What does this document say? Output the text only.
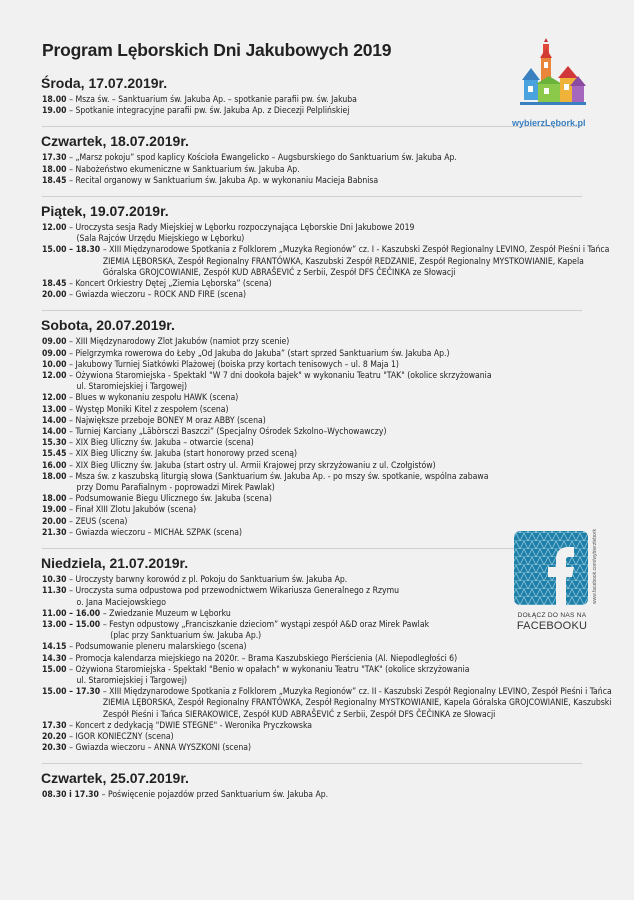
Program Lęborskich Dni Jakubowych 2019
Środa, 17.07.2019r.
18.00 – Msza św. – Sanktuarium św. Jakuba Ap. – spotkanie parafii pw. św. Jakuba
19.00 – Spotkanie integracyjne parafii pw. św. Jakuba Ap. z Diecezji Pelplińskiej
Czwartek, 18.07.2019r.
17.30 – „Marsz pokoju” spod kaplicy Kościoła Ewangelicko – Augsburskiego do Sanktuarium św. Jakuba Ap.
18.00 – Nabożeństwo ekumeniczne w Sanktuarium św. Jakuba Ap.
18.45 – Recital organowy w Sanktuarium św. Jakuba Ap. w wykonaniu Macieja Babnisa
Piątek, 19.07.2019r.
12.00 – Uroczysta sesja Rady Miejskiej w Lęborku rozpoczynająca Lęborskie Dni Jakubowe 2019
(Sala Rajców Urzędu Miejskiego w Lęborku)
15.00 – 18.30 – XIII Międzynarodowe Spotkania z Folklorem „Muzyka Regionów” cz. I - Kaszubski Zespół Regionalny LEVINO, Zespół Pieśni i Tańca ZIEMIA LĘBORSKA, Zespół Regionalny FRANTÓWKA, Kaszubski Zespół REDZANIE, Zespół Regionalny MYSTKOWIANIE, Kapela Góralska GROJCOWIANIE, Zespół KUD ABRAŠEVIĆ z Serbii, Zespół DFS ČEČINKA ze Słowacji
18.45 – Koncert Orkiestry Dętej „Ziemia Lęborska” (scena)
20.00 – Gwiazda wieczoru – ROCK AND FIRE (scena)
Sobota, 20.07.2019r.
09.00 – XIII Międzynarodowy Zlot Jakubów (namiot przy scenie)
09.00 – Pielgrzymka rowerowa do Łeby „Od Jakuba do Jakuba” (start sprzed Sanktuarium św. Jakuba Ap.)
10.00 – Jakubowy Turniej Siatkówki Plażowej (boiska przy kortach tenisowych – ul. 8 Maja 1)
12.00 – Ożywiona Staromiejska - Spektakl "W 7 dni dookoła bajek" w wykonaniu Teatru "TAK" (okolice skrzyżowania
ul. Staromiejskiej i Targowej)
12.00 – Blues w wykonaniu zespołu HAWK (scena)
13.00 – Występ Moniki Kitel z zespołem (scena)
14.00 – Największe przeboje BONEY M oraz ABBY (scena)
14.00 – Turniej Karciany „Lãbòrsczi Baszczi” (Specjalny Ośrodek Szkolno–Wychowawczy)
15.30 – XIX Bieg Uliczny św. Jakuba – otwarcie (scena)
15.45 – XIX Bieg Uliczny św. Jakuba (start honorowy przed sceną)
16.00 – XIX Bieg Uliczny św. Jakuba (start ostry ul. Armii Krajowej przy skrzyżowaniu z ul. Czołgistów)
18.00 – Msza św. z kaszubską liturgią słowa (Sanktuarium św. Jakuba Ap. - po mszy św. spotkanie, wspólna zabawa
przy Domu Parafialnym - poprowadzi Mirek Pawlak)
18.00 – Podsumowanie Biegu Ulicznego św. Jakuba (scena)
19.00 – Finał XIII Zlotu Jakubów (scena)
20.00 – ZEUS (scena)
21.30 – Gwiazda wieczoru – MICHAŁ SZPAK (scena)
Niedziela, 21.07.2019r.
10.30 – Uroczysty barwny korowód z pl. Pokoju do Sanktuarium św. Jakuba Ap.
11.30 – Uroczysta suma odpustowa pod przewodnictwem Wikariusza Generalnego z Rzymu
o. Jana Maciejowskiego
11.00 – 16.00 – Zwiedzanie Muzeum w Lęborku
13.00 – 15.00 – Festyn odpustowy „Franciszkanie dzieciom” wystąpi zespół A&D oraz Mirek Pawlak
(plac przy Sanktuarium św. Jakuba Ap.)
14.15 – Podsumowanie pleneru malarskiego (scena)
14.30 – Promocja kalendarza miejskiego na 2020r. – Brama Kaszubskiego Pierścienia (Al. Niepodległości 6)
15.00 – Ożywiona Staromiejska - Spektakl "Benio w opałach" w wykonaniu Teatru "TAK" (okolice skrzyżowania
ul. Staromiejskiej i Targowej)
15.00 – 17.30 – XIII Międzynarodowe Spotkania z Folklorem „Muzyka Regionów” cz. II - Kaszubski Zespół Regionalny LEVINO, Zespół Pieśni i Tańca ZIEMIA LĘBORSKA, Zespół Regionalny FRANTÓWKA, Zespół Regionalny MYSTKOWIANIE, Kapela Góralska GROJCOWIANIE, Kaszubski Zespół Pieśni i Tańca SIERAKOWICE, Zespół KUD ABRAŠEVIĆ z Serbii, Zespół DFS ČEČINKA ze Słowacji
17.30 – Koncert z dedykacją "DWIE STEGNE" - Weronika Pryczkowska
20.20 – IGOR KONIECZNY (scena)
20.30 – Gwiazda wieczoru – ANNA WYSZKONI (scena)
Czwartek, 25.07.2019r.
08.30 i 17.30 – Poświęcenie pojazdów przed Sanktuarium św. Jakuba Ap.
wybierzLębork.pl
www.facebook.com/wybierzlebork
DOŁĄCZ DO NAS NA
FACEBOOKU
